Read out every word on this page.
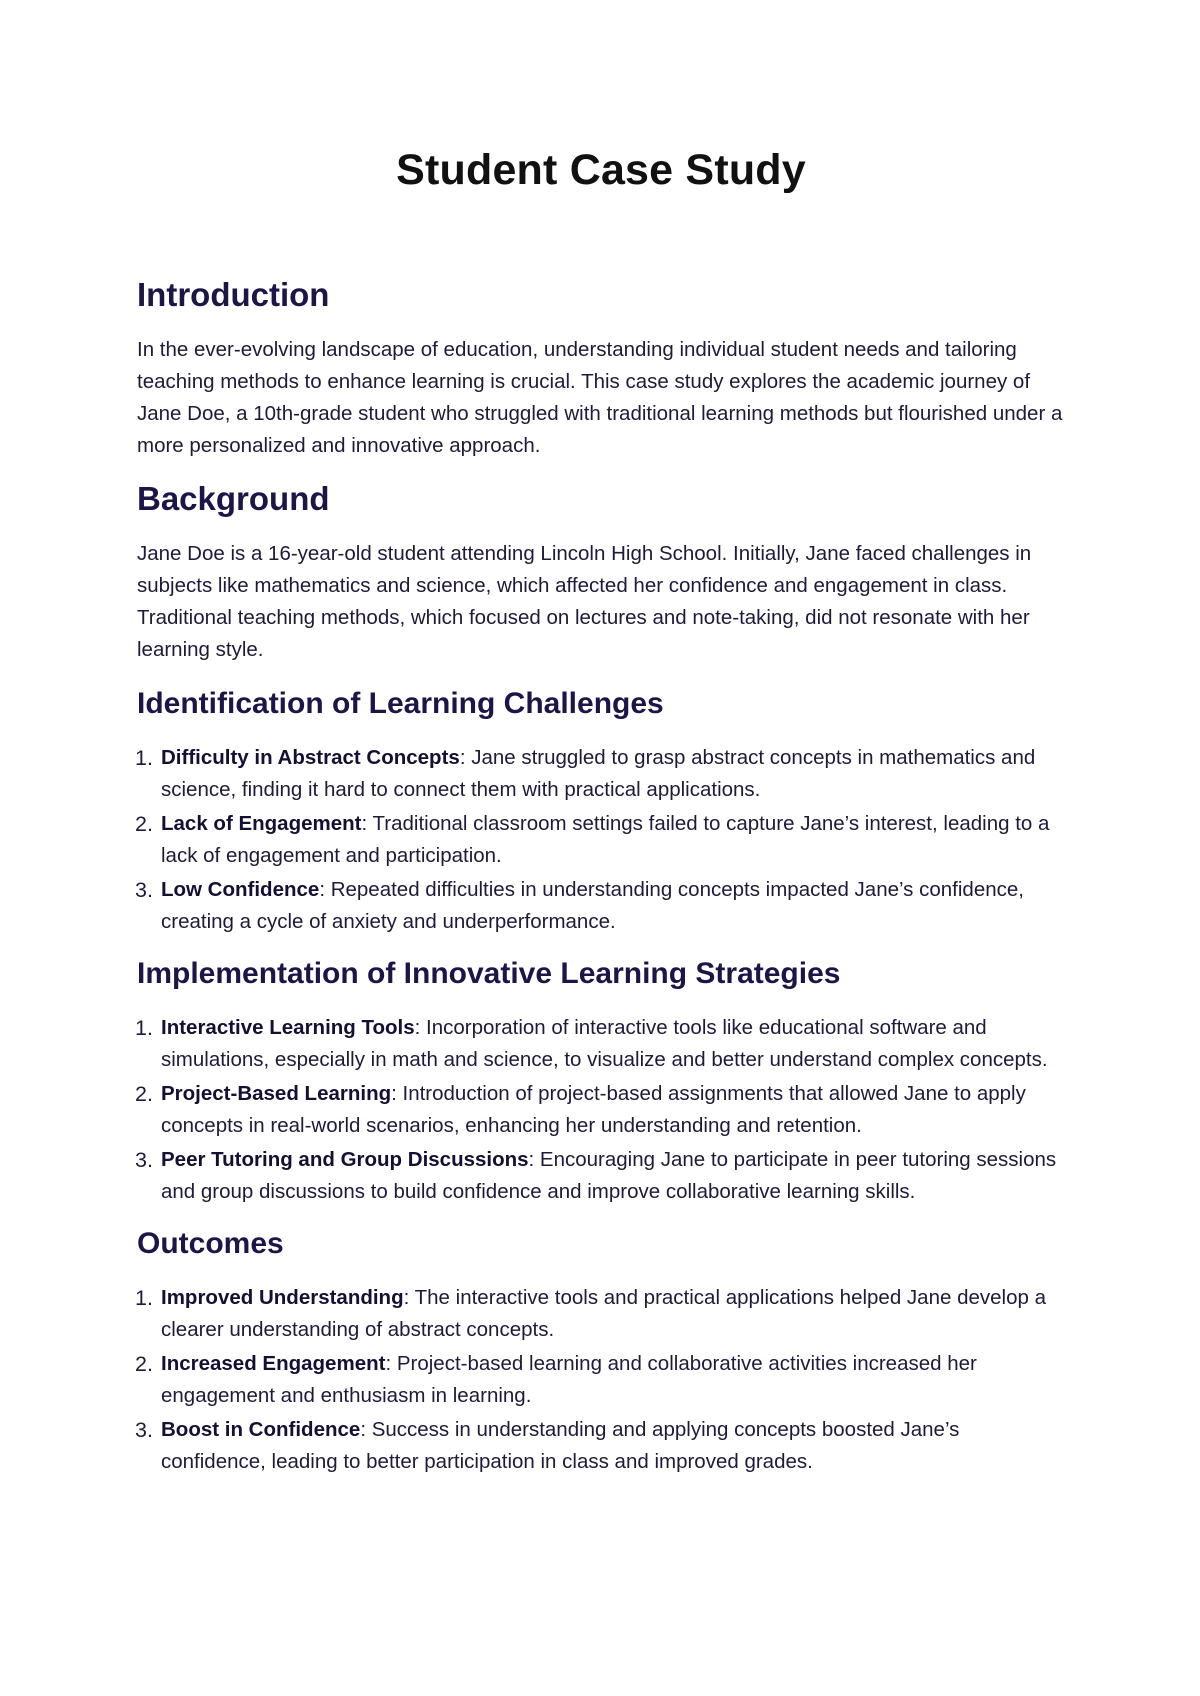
Student Case Study
Introduction

In the ever-evolving landscape of education, understanding individual student needs and tailoring teaching methods to enhance learning is crucial. This case study explores the academic journey of Jane Doe, a 10th-grade student who struggled with traditional learning methods but flourished under a more personalized and innovative approach.

Background

Jane Doe is a 16-year-old student attending Lincoln High School. Initially, Jane faced challenges in subjects like mathematics and science, which affected her confidence and engagement in class. Traditional teaching methods, which focused on lectures and note-taking, did not resonate with her learning style.

Identification of Learning Challenges
1. Difficulty in Abstract Concepts: Jane struggled to grasp abstract concepts in mathematics and science, finding it hard to connect them with practical applications.
2. Lack of Engagement: Traditional classroom settings failed to capture Jane’s interest, leading to a lack of engagement and participation.
3. Low Confidence: Repeated difficulties in understanding concepts impacted Jane’s confidence, creating a cycle of anxiety and underperformance.
Implementation of Innovative Learning Strategies
1. Interactive Learning Tools: Incorporation of interactive tools like educational software and simulations, especially in math and science, to visualize and better understand complex concepts.
2. Project-Based Learning: Introduction of project-based assignments that allowed Jane to apply concepts in real-world scenarios, enhancing her understanding and retention.
3. Peer Tutoring and Group Discussions: Encouraging Jane to participate in peer tutoring sessions and group discussions to build confidence and improve collaborative learning skills.
Outcomes
1. Improved Understanding: The interactive tools and practical applications helped Jane develop a clearer understanding of abstract concepts.
2. Increased Engagement: Project-based learning and collaborative activities increased her engagement and enthusiasm in learning.
3. Boost in Confidence: Success in understanding and applying concepts boosted Jane’s confidence, leading to better participation in class and improved grades.
